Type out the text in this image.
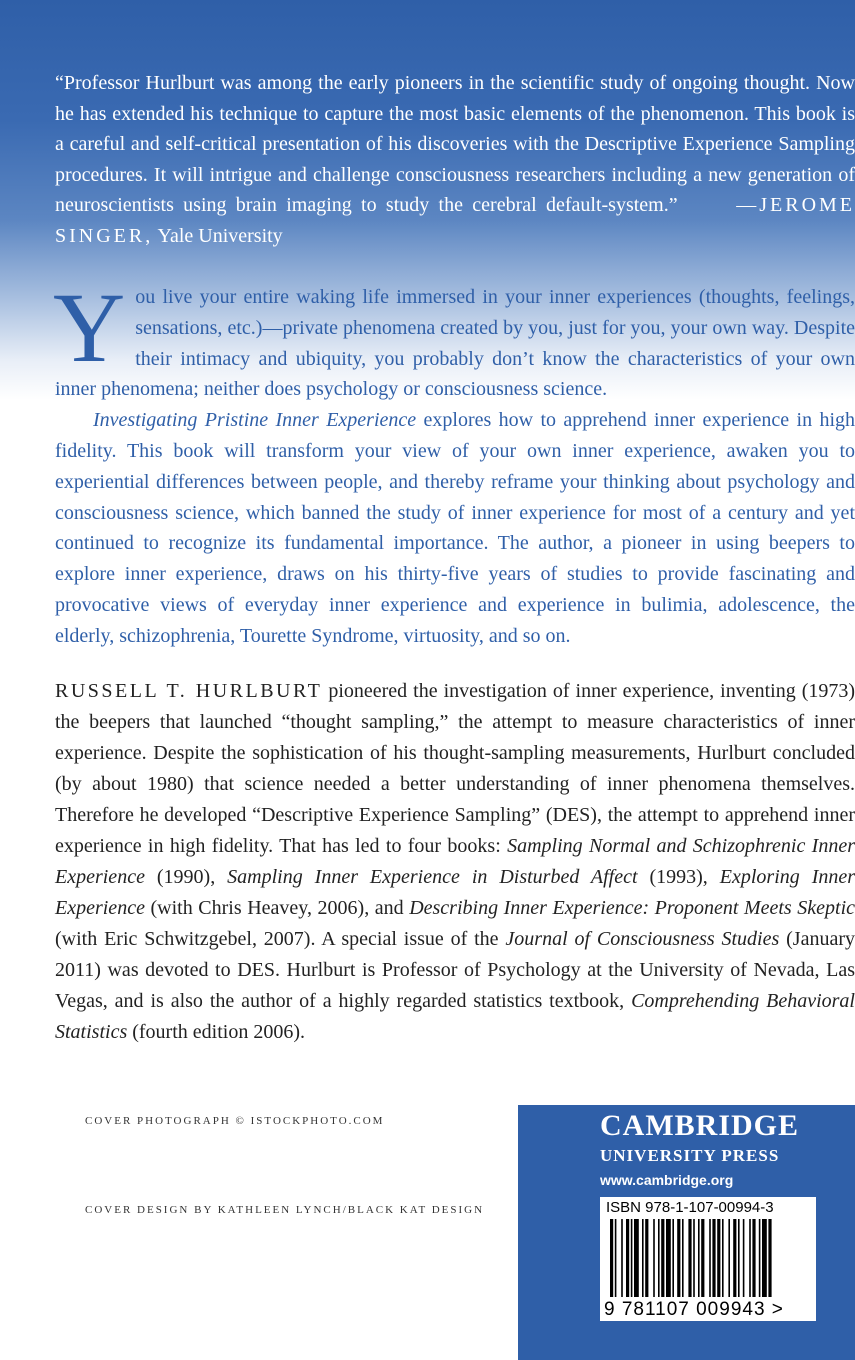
“Professor Hurlburt was among the early pioneers in the scientific study of ongoing thought. Now he has extended his technique to capture the most basic elements of the phenomenon. This book is a careful and self-critical presentation of his discoveries with the Descriptive Experience Sampling procedures. It will intrigue and challenge consciousness researchers including a new generation of neuroscientists using brain imaging to study the cerebral default-system.”	—JEROME SINGER, Yale University

Y ou live your entire waking life immersed in your inner experiences (thoughts, feelings, sensations, etc.)—private phenomena created by you, just for you, your own way. Despite their intimacy and ubiquity, you probably don’t know the characteristics of your own inner phenomena; neither does psychology or consciousness science.

Investigating Pristine Inner Experience explores how to apprehend inner experience in high fidelity. This book will transform your view of your own inner experience, awaken you to experiential differences between people, and thereby reframe your thinking about psychology and consciousness science, which banned the study of inner experience for most of a century and yet continued to recognize its fundamental importance. The author, a pioneer in using beepers to explore inner experience, draws on his thirty-five years of studies to provide fascinating and provocative views of everyday inner experience and experience in bulimia, adolescence, the elderly, schizophrenia, Tourette Syndrome, virtuosity, and so on.

RUSSELL T. HURLBURT pioneered the investigation of inner experience, inventing (1973) the beepers that launched “thought sampling,” the attempt to measure characteristics of inner experience. Despite the sophistication of his thought-sampling measurements, Hurlburt concluded (by about 1980) that science needed a better understanding of inner phenomena themselves. Therefore he developed “Descriptive Experience Sampling” (DES), the attempt to apprehend inner experience in high fidelity. That has led to four books: Sampling Normal and Schizophrenic Inner Experience (1990), Sampling Inner Experience in Disturbed Affect (1993), Exploring Inner Experience (with Chris Heavey, 2006), and Describing Inner Experience: Proponent Meets Skeptic (with Eric Schwitzgebel, 2007). A special issue of the Journal of Consciousness Studies (January 2011) was devoted to DES. Hurlburt is Professor of Psychology at the University of Nevada, Las Vegas, and is also the author of a highly regarded statistics textbook, Comprehending Behavioral Statistics (fourth edition 2006).

COVER PHOTOGRAPH © ISTOCKPHOTO.COM
COVER DESIGN BY KATHLEEN LYNCH/BLACK KAT DESIGN
CAMBRIDGE
UNIVERSITY PRESS
www.cambridge.org
ISBN 978-1-107-00994-3
9 781107 009943 >
